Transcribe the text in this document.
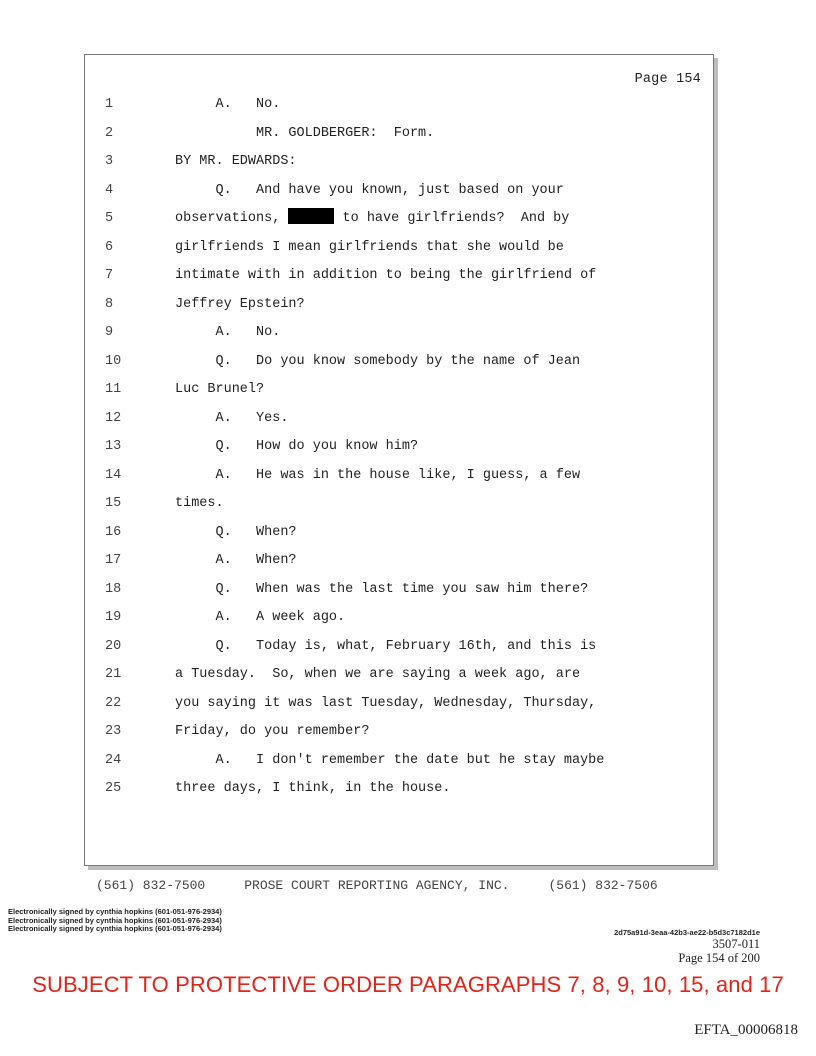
Page 154
1	A.   No.
2	MR. GOLDBERGER:  Form.
3	BY MR. EDWARDS:
4	Q.   And have you known, just based on your
5	observations,	to have girlfriends?  And by
6	girlfriends I mean girlfriends that she would be
7	intimate with in addition to being the girlfriend of
8	Jeffrey Epstein?
9	A.   No.
10	Q.   Do you know somebody by the name of Jean
11	Luc Brunel?
12	A.   Yes.
13	Q.   How do you know him?
14	A.   He was in the house like, I guess, a few
15	times.
16	Q.   When?
17	A.   When?
18	Q.   When was the last time you saw him there?
19	A.   A week ago.
20	Q.   Today is, what, February 16th, and this is
21	a Tuesday.  So, when we are saying a week ago, are
22	you saying it was last Tuesday, Wednesday, Thursday,
23	Friday, do you remember?
24	A.   I don't remember the date but he stay maybe
25	three days, I think, in the house.
(561) 832-7500     PROSE COURT REPORTING AGENCY, INC.     (561) 832-7506
Electronically signed by cynthia hopkins (601-051-976-2934)
Electronically signed by cynthia hopkins (601-051-976-2934)
Electronically signed by cynthia hopkins (601-051-976-2934)	2d75a91d-3eaa-42b3-ae22-b5d3c7182d1e
3507-011
Page 154 of 200
SUBJECT TO PROTECTIVE ORDER PARAGRAPHS 7, 8, 9, 10, 15, and 17
EFTA_00006818
